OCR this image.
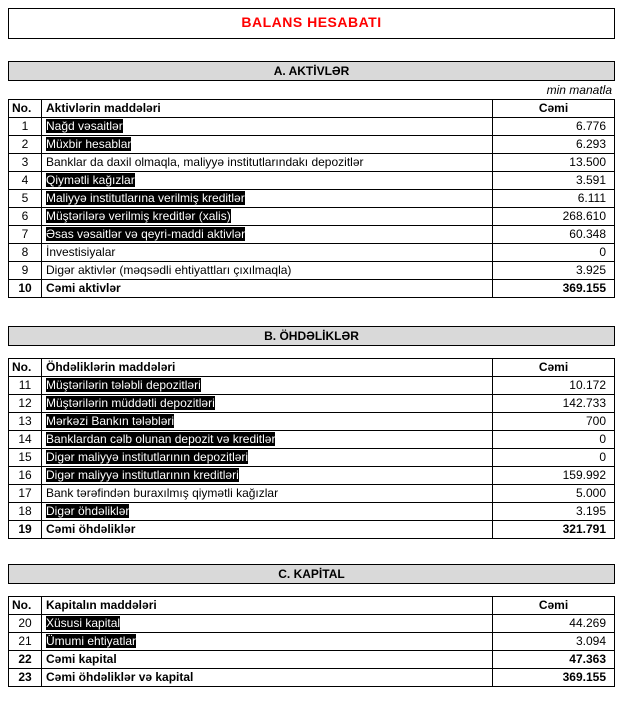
BALANS HESABATI
A. AKTİVLƏR
min manatla
No.	Aktivlərin maddələri	Cəmi
1	Nağd vəsaitlər	6.776
2	Müxbir hesablar	6.293
3	Banklar da daxil olmaqla, maliyyə institutlarındakı depozitlər	13.500
4	Qiymətli kağızlar	3.591
5	Maliyyə institutlarına verilmiş kreditlər	6.111
6	Müştərilərə verilmiş kreditlər (xalis)	268.610
7	Əsas vəsaitlər və qeyri-maddi aktivlər	60.348
8	İnvestisiyalar	0
9	Digər aktivlər (məqsədli ehtiyattları çıxılmaqla)	3.925
10	Cəmi aktivlər	369.155
B. ÖHDƏLİKLƏR
No.	Öhdəliklərin maddələri	Cəmi
11	Müştərilərin tələbli depozitləri	10.172
12	Müştərilərin müddətli depozitləri	142.733
13	Mərkəzi Bankın tələbləri	700
14	Banklardan cəlb olunan depozit və kreditlər	0
15	Digər maliyyə institutlarının depozitləri	0
16	Digər maliyyə institutlarının kreditləri	159.992
17	Bank tərəfindən buraxılmış qiymətli kağızlar	5.000
18	Digər öhdəliklər	3.195
19	Cəmi öhdəliklər	321.791
C. KAPİTAL
No.	Kapitalın maddələri	Cəmi
20	Xüsusi kapital	44.269
21	Ümumi ehtiyatlar	3.094
22	Cəmi kapital	47.363
23	Cəmi öhdəliklər və kapital	369.155
